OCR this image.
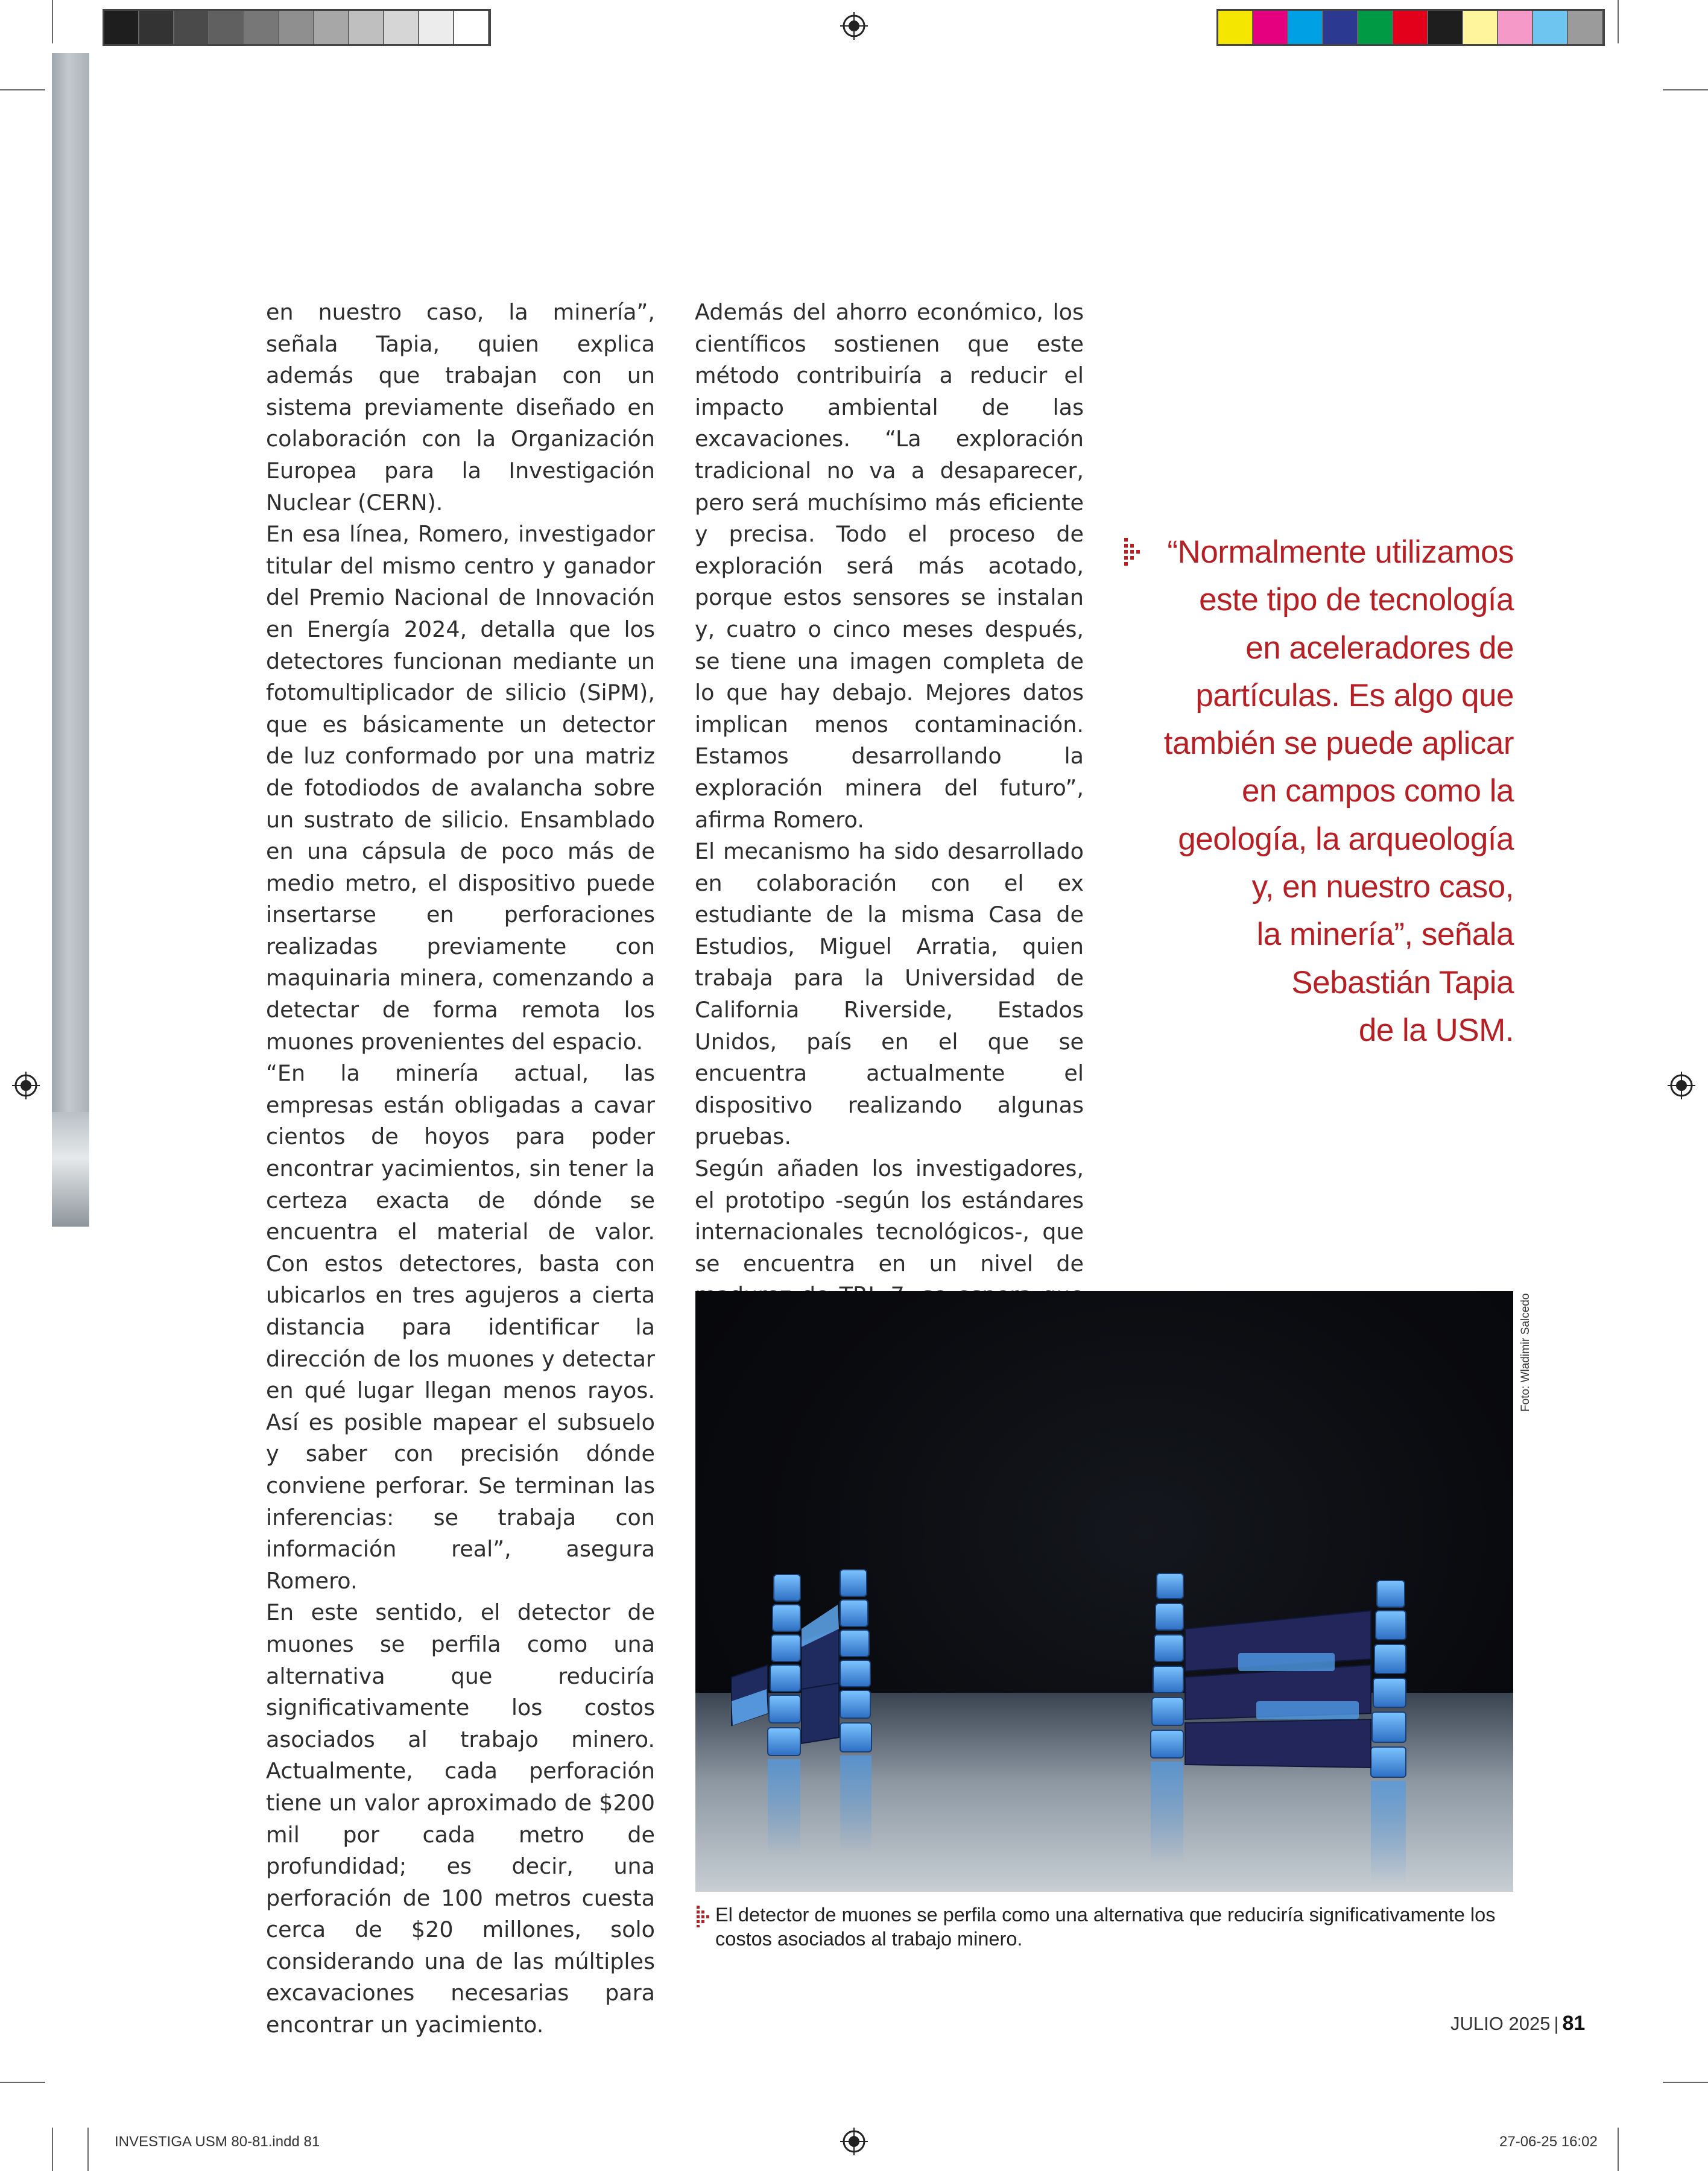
en nuestro caso, la minería”, señala Tapia, quien explica además que trabajan con un sistema previamente diseñado en colaboración con la Organización Europea para la Investigación Nuclear (CERN).

En esa línea, Romero, investigador titular del mismo centro y ganador del Premio Nacional de Innovación en Energía 2024, detalla que los detectores funcionan mediante un fotomultiplicador de silicio (SiPM), que es básicamente un detector de luz conformado por una matriz de fotodiodos de avalancha sobre un sustrato de silicio. Ensamblado en una cápsula de poco más de medio metro, el dispositivo puede insertarse en perforaciones realizadas previamente con maquinaria minera, comenzando a detectar de forma remota los muones provenientes del espacio.

“En la minería actual, las empresas están obligadas a cavar cientos de hoyos para poder encontrar yacimientos, sin tener la certeza exacta de dónde se encuentra el material de valor. Con estos detectores, basta con ubicarlos en tres agujeros a cierta distancia para identificar la dirección de los muones y detectar en qué lugar llegan menos rayos. Así es posible mapear el subsuelo y saber con precisión dónde conviene perforar. Se terminan las inferencias: se trabaja con información real”, asegura Romero.

En este sentido, el detector de muones se perfila como una alternativa que reduciría significativamente los costos asociados al trabajo minero. Actualmente, cada perforación tiene un valor aproximado de $200 mil por cada metro de profundidad; es decir, una perforación de 100 metros cuesta cerca de $20 millones, solo considerando una de las múltiples excavaciones necesarias para encontrar un yacimiento.

Además del ahorro económico, los científicos sostienen que este método contribuiría a reducir el impacto ambiental de las excavaciones. “La exploración tradicional no va a desaparecer, pero será muchísimo más eficiente y precisa. Todo el proceso de exploración será más acotado, porque estos sensores se instalan y, cuatro o cinco meses después, se tiene una imagen completa de lo que hay debajo. Mejores datos implican menos contaminación. Estamos desarrollando la exploración minera del futuro”, afirma Romero.

El mecanismo ha sido desarrollado en colaboración con el ex estudiante de la misma Casa de Estudios, Miguel Arratia, quien trabaja para la Universidad de California Riverside, Estados Unidos, país en el que se encuentra actualmente el dispositivo realizando algunas pruebas.

Según añaden los investigadores, el prototipo -según los estándares internacionales tecnológicos-, que se encuentra en un nivel de

“Normalmente utilizamos
este tipo de tecnología
en aceleradores de
partículas. Es algo que
también se puede aplicar
en campos como la
geología, la arqueología
y, en nuestro caso,
la minería”, señala
Sebastián Tapia
de la USM.
Foto: Wladimir Salcedo
El detector de muones se perfila como una alternativa que reduciría significativamente los costos asociados al trabajo minero.
JULIO 2025 | 81
INVESTIGA USM 80-81.indd 81	27-06-25 16:02
